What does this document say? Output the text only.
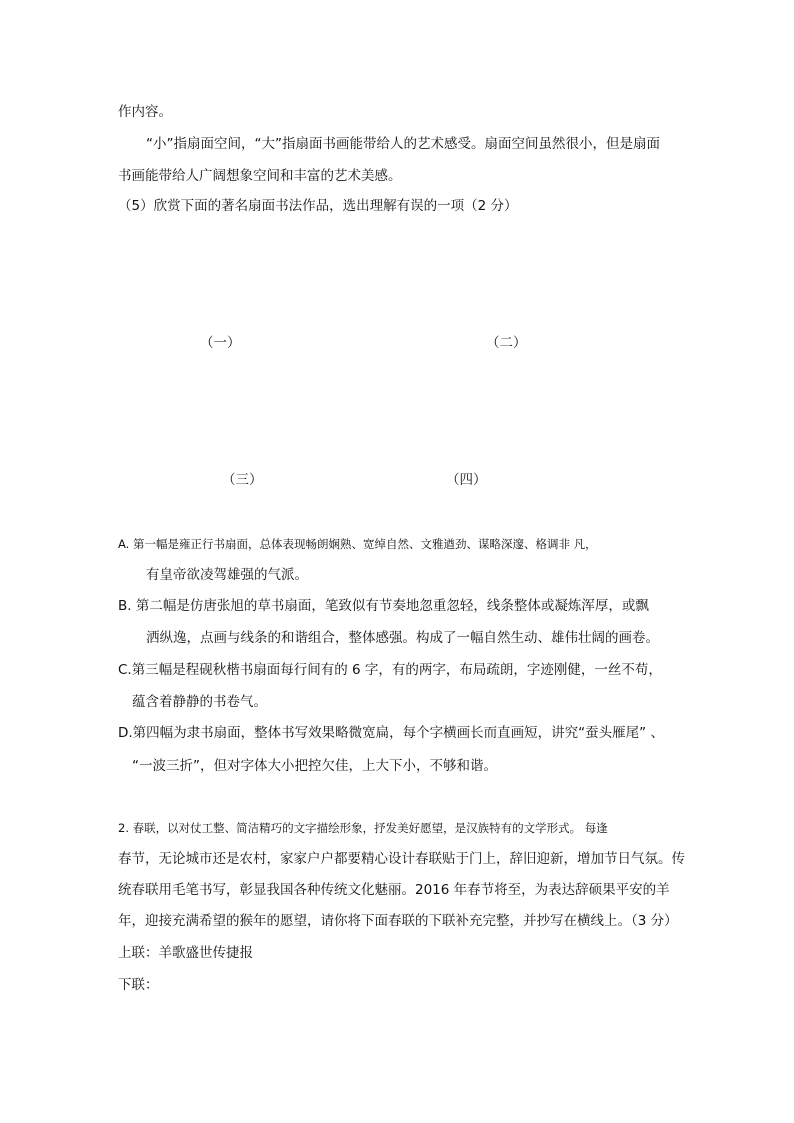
作内容。
“小”指扇面空间，“大”指扇面书画能带给人的艺术感受。扇面空间虽然很小，但是扇面
书画能带给人广阔想象空间和丰富的艺术美感。
（5）欣赏下面的著名扇面书法作品，选出理解有误的一项（2 分）
（一）	（二）
（三）	（四）
A. 第一幅是雍正行书扇面，总体表现畅朗娴熟、宽绰自然、文雅遒劲、谋略深邃、格调非 凡，
有皇帝欲凌驾雄强的气派。
B. 第二幅是仿唐张旭的草书扇面，笔致似有节奏地忽重忽轻，线条整体或凝炼浑厚，或飘
洒纵逸，点画与线条的和谐组合，整体感强。构成了一幅自然生动、雄伟壮阔的画卷。
C.第三幅是程砚秋楷书扇面每行间有的 6 字，有的两字，布局疏朗，字迹刚健，一丝不苟，
蕴含着静静的书卷气。
D.第四幅为隶书扇面，整体书写效果略微宽扁，每个字横画长而直画短，讲究“蚕头雁尾” 、
“一波三折”，但对字体大小把控欠佳，上大下小，不够和谐。
2. 春联，以对仗工整、简洁精巧的文字描绘形象，抒发美好愿望，是汉族特有的文学形式。 每逢
春节，无论城市还是农村，家家户户都要精心设计春联贴于门上，辞旧迎新，增加节日气氛。传
统春联用毛笔书写，彰显我国各种传统文化魅丽。2016 年春节将至，为表达辞硕果平安的羊
年，迎接充满希望的猴年的愿望，请你将下面春联的下联补充完整，并抄写在横线上。（3 分）
上联：羊歌盛世传捷报
下联：
